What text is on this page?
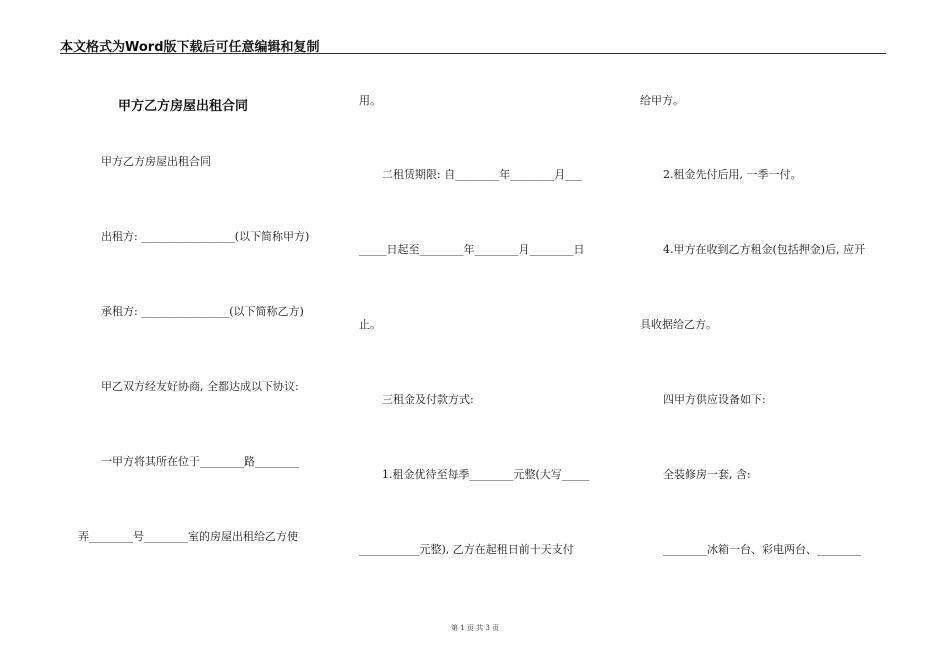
本文格式为Word版下载后可任意编辑和复制
甲方乙方房屋出租合同
甲方乙方房屋出租合同
出租方: _________________(以下简称甲方)
承租方: ________________(以下简称乙方)
甲乙双方经友好协商, 全都达成以下协议:
一甲方将其所在位于________路________
弄________号________室的房屋出租给乙方使
用。
二租赁期限: 自________年________月___
_____日起至________年________月________日
止。
三租金及付款方式:
1.租金优待至每季________元整(大写_____
___________元整), 乙方在起租日前十天支付
给甲方。
2.租金先付后用, 一季一付。
4.甲方在收到乙方租金(包括押金)后, 应开
具收据给乙方。
四甲方供应设备如下:
全装修房一套, 含:
________冰箱一台、彩电两台、________
第 1 页 共 3 页
